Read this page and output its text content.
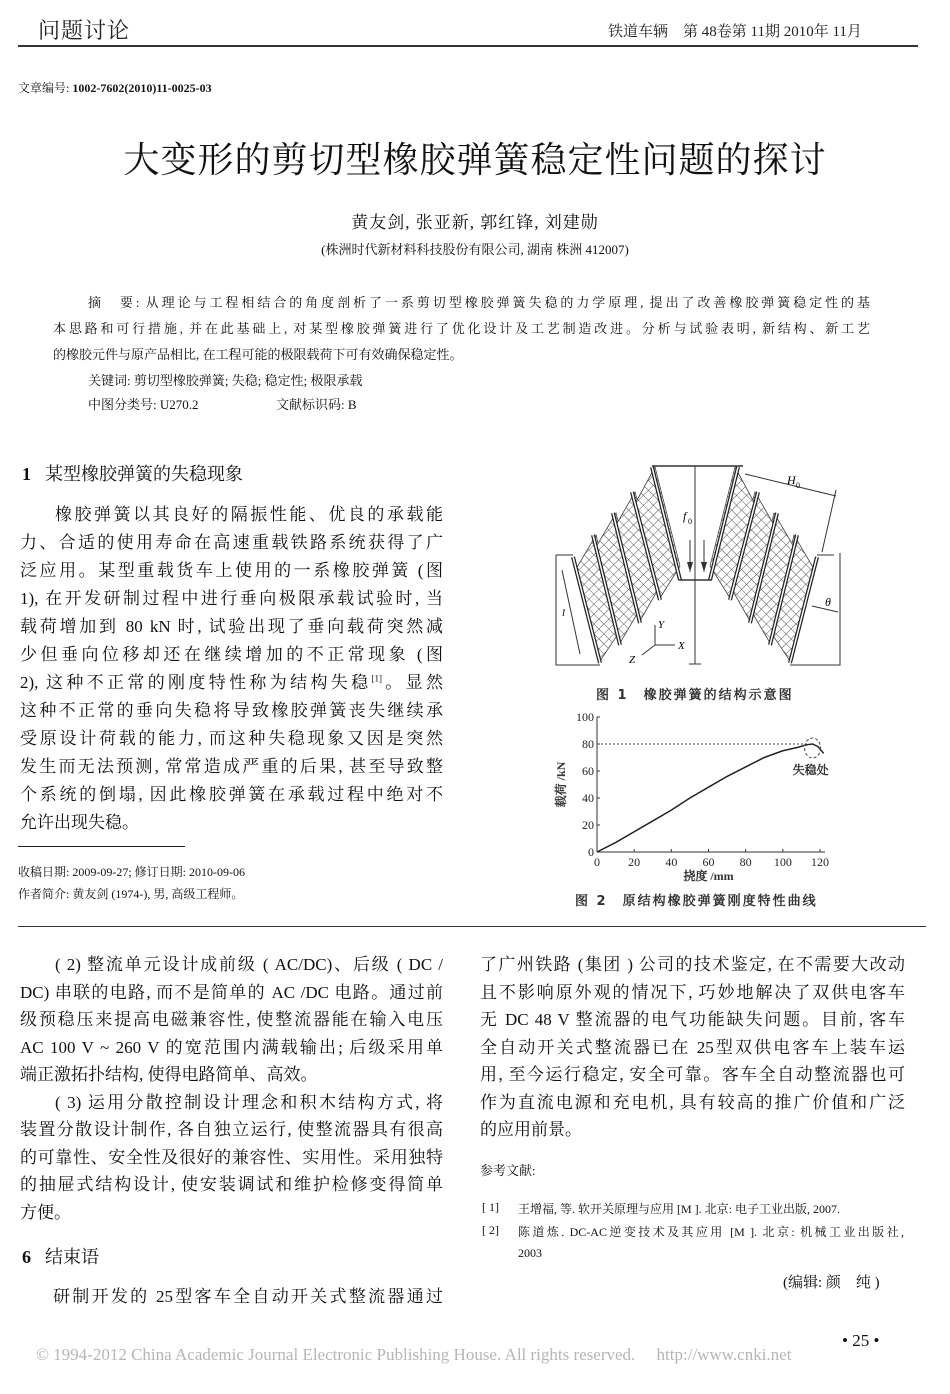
问题讨论	铁道车辆　第 48卷第 11期 2010年 11月
文章编号: 1002-7602(2010)11-0025-03
大变形的剪切型橡胶弹簧稳定性问题的探讨
黄友剑, 张亚新, 郭红锋, 刘建勋
(株洲时代新材料科技股份有限公司, 湖南 株洲 412007)
摘　要: 从理论与工程相结合的角度剖析了一系剪切型橡胶弹簧失稳的力学原理, 提出了改善橡胶弹簧稳定性的基
本思路和可行措施, 并在此基础上, 对某型橡胶弹簧进行了优化设计及工艺制造改进。分析与试验表明, 新结构、新工艺
的橡胶元件与原产品相比, 在工程可能的极限载荷下可有效确保稳定性。
关键词: 剪切型橡胶弹簧; 失稳; 稳定性; 极限承载
中图分类号: U270.2	文献标识码: B
1 某型橡胶弹簧的失稳现象
橡胶弹簧以其良好的隔振性能、优良的承载能
力、合适的使用寿命在高速重载铁路系统获得了广
泛应用。某型重载货车上使用的一系橡胶弹簧 (图
1), 在开发研制过程中进行垂向极限承载试验时, 当
载荷增加到 80 kN 时, 试验出现了垂向载荷突然减
少但垂向位移却还在继续增加的不正常现象 (图
2), 这种不正常的刚度特性称为结构失稳[1]。显然
这种不正常的垂向失稳将导致橡胶弹簧丧失继续承
受原设计荷载的能力, 而这种失稳现象又因是突然
发生而无法预测, 常常造成严重的后果, 甚至导致整
个系统的倒塌, 因此橡胶弹簧在承载过程中绝对不
允许出现失稳。
收稿日期: 2009-09-27; 修订日期: 2010-09-06
作者简介: 黄友剑 (1974-), 男, 高级工程师。
H 0
f 0
θ
l
Y
X
Z
图 1　橡胶弹簧的结构示意图
0 20 40 60 80 100 120
0
20
40
60
80
100
失稳处
挠度 /mm
载荷 /kN
图 2　原结构橡胶弹簧刚度特性曲线
( 2) 整流单元设计成前级 ( AC/DC)、后级 ( DC /
DC) 串联的电路, 而不是简单的 AC /DC 电路。通过前
级预稳压来提高电磁兼容性, 使整流器能在输入电压
AC 100 V ~ 260 V 的宽范围内满载输出; 后级采用单
端正激拓扑结构, 使得电路简单、高效。
( 3) 运用分散控制设计理念和积木结构方式, 将
装置分散设计制作, 各自独立运行, 使整流器具有很高
的可靠性、安全性及很好的兼容性、实用性。采用独特
的抽屉式结构设计, 使安装调试和维护检修变得简单
方便。
6 结束语
研制开发的 25型客车全自动开关式整流器通过
了广州铁路 (集团 ) 公司的技术鉴定, 在不需要大改动
且不影响原外观的情况下, 巧妙地解决了双供电客车
无 DC 48 V 整流器的电气功能缺失问题。目前, 客车
全自动开关式整流器已在 25型双供电客车上装车运
用, 至今运行稳定, 安全可靠。客车全自动整流器也可
作为直流电源和充电机, 具有较高的推广价值和广泛
的应用前景。
参考文献:
[ 1] 王增福, 等. 软开关原理与应用 [M ]. 北京: 电子工业出版, 2007.
[ 2] 陈道炼. DC-AC逆变技术及其应用 [M ]. 北京: 机械工业出版社,
2003
(编辑: 颜　纯 )
© 1994-2012 China Academic Journal Electronic Publishing House. All rights reserved.　 http://www.cnki.net
• 25 •
